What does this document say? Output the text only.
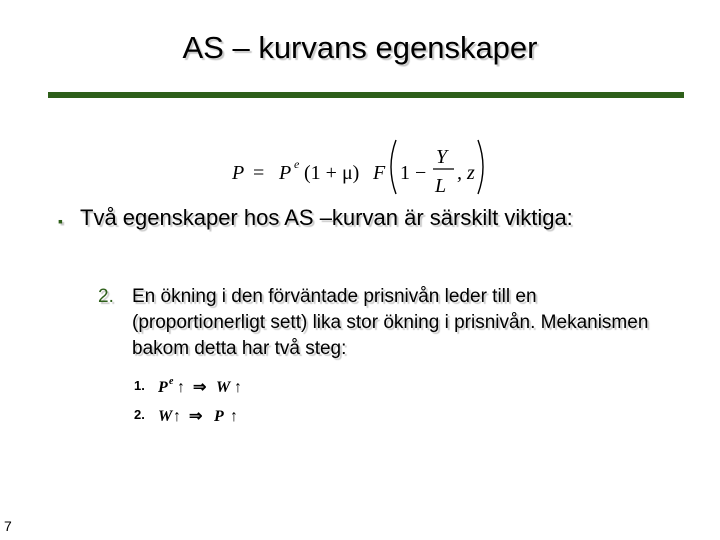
AS – kurvans egenskaper
P = P e (1 + μ) F 1 −
Y
L
, z
▪ Två egenskaper hos AS –kurvan är särskilt viktiga:
2. En ökning i den förväntade prisnivån leder till en (proportionerligt sett) lika stor ökning i prisnivån. Mekanismen bakom detta har två steg:
1. P e ↑ ⇒ W ↑
2. W ↑ ⇒ P ↑
7
